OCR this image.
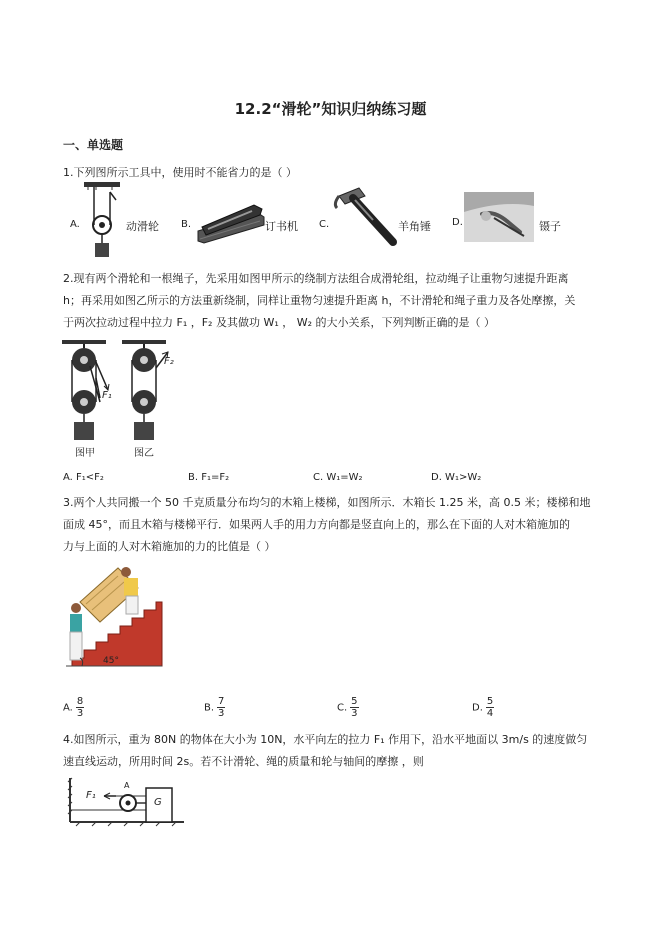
12.2“滑轮”知识归纳练习题
一、单选题
1.下列图所示工具中，使用时不能省力的是（ ）
A.	动滑轮 B.	订书机 C.	羊角锤 D.	镊子
2.现有两个滑轮和一根绳子，先采用如图甲所示的绕制方法组合成滑轮组，拉动绳子让重物匀速提升距离
h；再采用如图乙所示的方法重新绕制，同样让重物匀速提升距离 h，不计滑轮和绳子重力及各处摩擦，关
于两次拉动过程中拉力 F₁ ，F₂ 及其做功 W₁ ， W₂ 的大小关系，下列判断正确的是（ ）
F₁
F₂
图甲	图乙
A. F₁<F₂	B. F₁=F₂	C. W₁=W₂	D. W₁>W₂
3.两个人共同搬一个 50 千克质量分布均匀的木箱上楼梯，如图所示．木箱长 1.25 米，高 0.5 米；楼梯和地
面成 45°，而且木箱与楼梯平行．如果两人手的用力方向都是竖直向上的，那么在下面的人对木箱施加的
力与上面的人对木箱施加的力的比值是（ ）
45°
A. $\frac{8}{3}$	B. $\frac{7}{3}$	C. $\frac{5}{3}$	D. $\frac{5}{4}$
4.如图所示，重为 80N 的物体在大小为 10N，水平向左的拉力 F₁ 作用下，沿水平地面以 3m/s 的速度做匀
速直线运动，所用时间 2s。若不计滑轮、绳的质量和轮与轴间的摩擦 ，则
F₁
A
G
